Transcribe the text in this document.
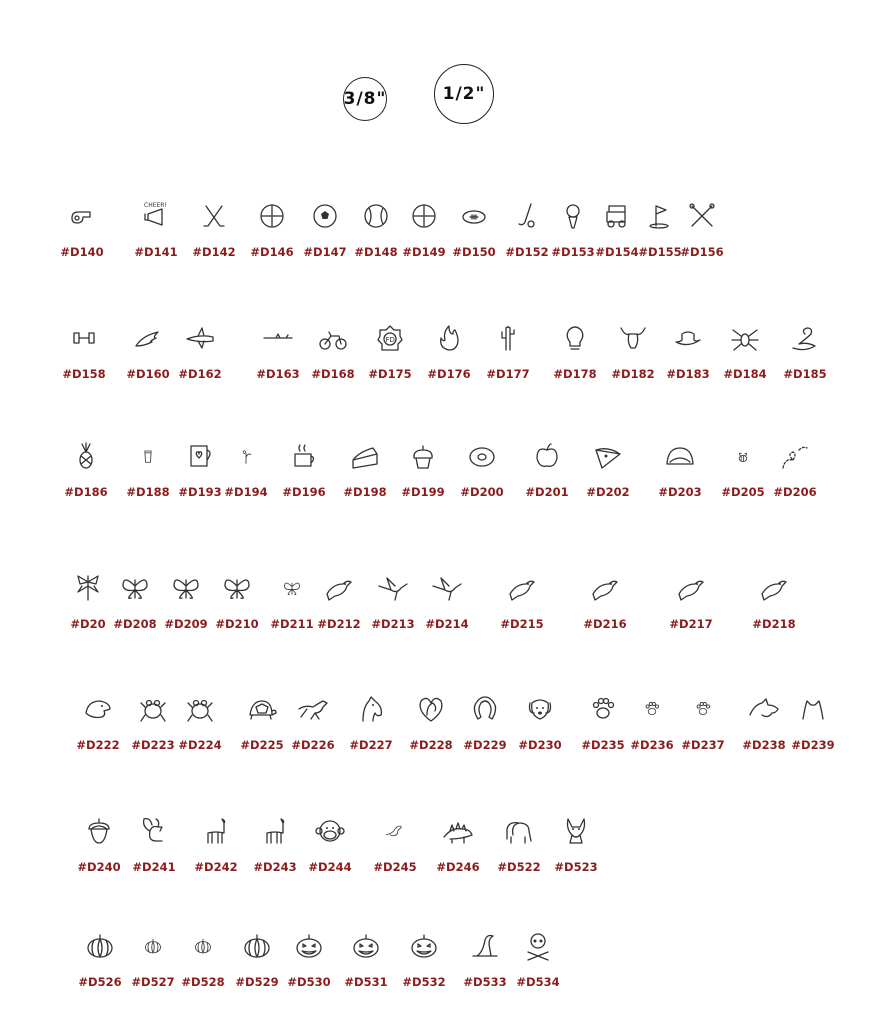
3/8"	1/2"
#D140
CHEER!
#D141 #D142 #D146 #D147 #D148 #D149 #D150 #D152 #D153 #D154 #D155
#D156
#D158 #D160 #D162	#D163 #D168
FD
#D175 #D176 #D177 #D178 #D182 #D183 #D184 #D185
#D186 #D188 #D193 #D194 #D196 #D198 #D199 #D200 #D201 #D202	#D203 #D205 #D206
#D20 #D208 #D209 #D210 #D211 #D212 #D213 #D214	#D215	#D216	#D217	#D218
#D222 #D223 #D224 #D225 #D226 #D227 #D228 #D229 #D230 #D235 #D236 #D237 #D238 #D239
#D240 #D241 #D242 #D243 #D244 #D245 #D246 #D522 #D523
#D526 #D527 #D528 #D529 #D530 #D531 #D532 #D533 #D534
